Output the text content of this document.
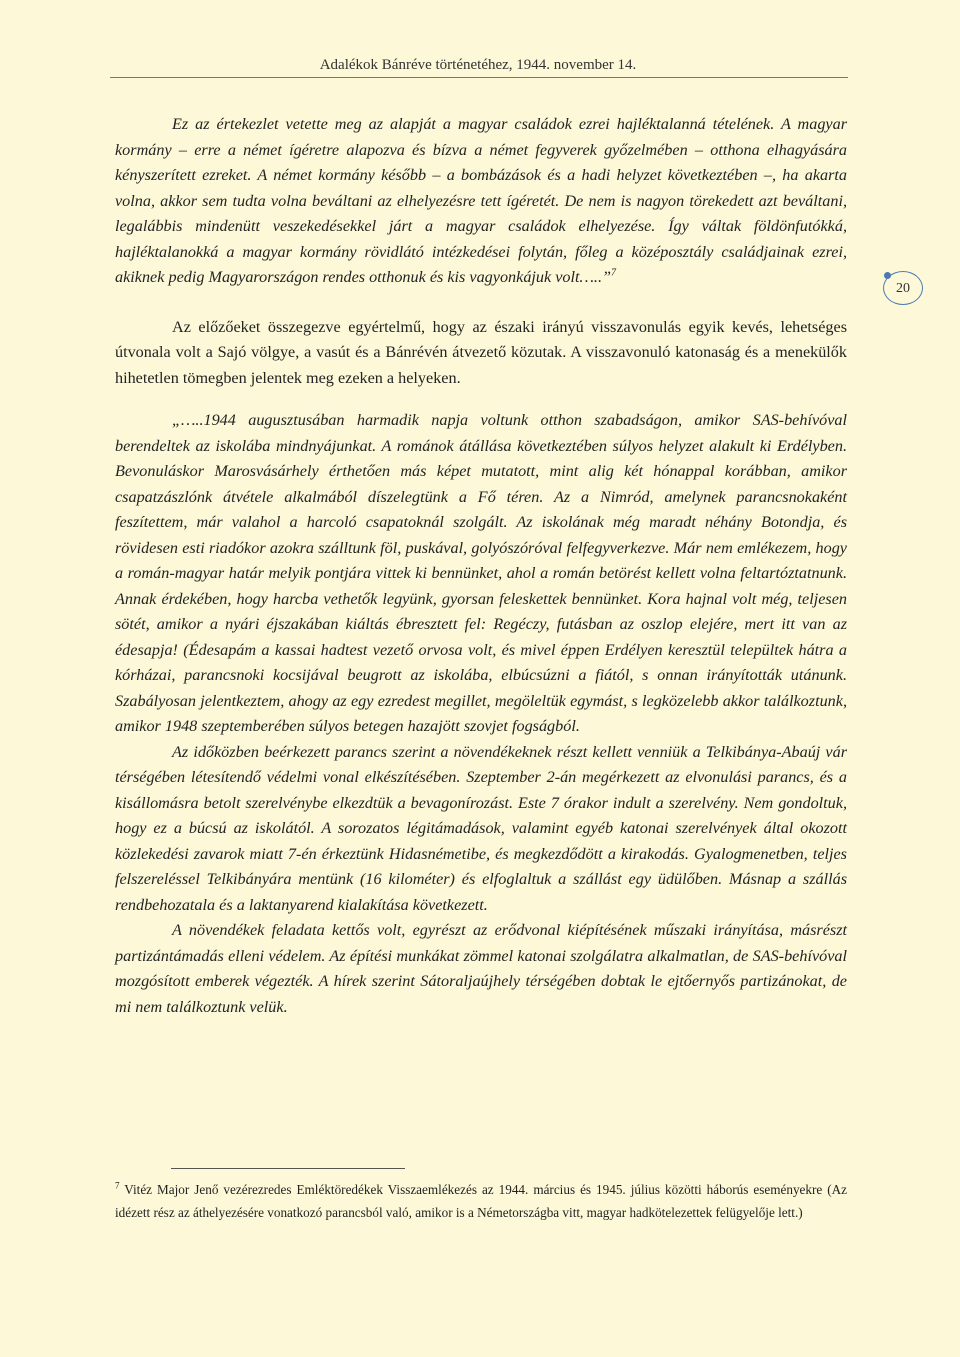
Adalékok Bánréve történetéhez, 1944. november 14.
20

Ez az értekezlet vetette meg az alapját a magyar családok ezrei hajléktalanná tételének. A magyar kormány – erre a német ígéretre alapozva és bízva a német fegyverek győzelmében – otthona elhagyására kényszerített ezreket. A német kormány később – a bombázások és a hadi helyzet következtében –, ha akarta volna, akkor sem tudta volna beváltani az elhelyezésre tett ígéretét. De nem is nagyon törekedett azt beváltani, legalábbis mindenütt veszekedésekkel járt a magyar családok elhelyezése. Így váltak földönfutókká, hajléktalanokká a magyar kormány rövidlátó intézkedései folytán, főleg a középosztály családjainak ezrei, akiknek pedig Magyarországon rendes otthonuk és kis vagyonkájuk volt…..”$^7$

Az előzőeket összegezve egyértelmű, hogy az északi irányú visszavonulás egyik kevés, lehetséges útvonala volt a Sajó völgye, a vasút és a Bánrévén átvezető közutak. A visszavonuló katonaság és a menekülők hihetetlen tömegben jelentek meg ezeken a helyeken.

„…..1944 augusztusában harmadik napja voltunk otthon szabadságon, amikor SAS-behívóval berendeltek az iskolába mindnyájunkat. A románok átállása következtében súlyos helyzet alakult ki Erdélyben. Bevonuláskor Marosvásárhely érthetően más képet mutatott, mint alig két hónappal korábban, amikor csapatzászlónk átvétele alkalmából díszelegtünk a Fő téren. Az a Nimród, amelynek parancsnokaként feszítettem, már valahol a harcoló csapatoknál szolgált. Az iskolának még maradt néhány Botondja, és rövidesen esti riadókor azokra szálltunk föl, puskával, golyószóróval felfegyverkezve. Már nem emlékezem, hogy a román-magyar határ melyik pontjára vittek ki bennünket, ahol a román betörést kellett volna feltartóztatnunk. Annak érdekében, hogy harcba vethetők legyünk, gyorsan feleskettek bennünket. Kora hajnal volt még, teljesen sötét, amikor a nyári éjszakában kiáltás ébresztett fel: Regéczy, futásban az oszlop elejére, mert itt van az édesapja! (Édesapám a kassai hadtest vezető orvosa volt, és mivel éppen Erdélyen keresztül települtek hátra a kórházai, parancsnoki kocsijával beugrott az iskolába, elbúcsúzni a fiától, s onnan irányították utánunk. Szabályosan jelentkeztem, ahogy az egy ezredest megillet, megöleltük egymást, s legközelebb akkor találkoztunk, amikor 1948 szeptemberében súlyos betegen hazajött szovjet fogságból.

Az időközben beérkezett parancs szerint a növendékeknek részt kellett venniük a Telkibánya-Abaúj vár térségében létesítendő védelmi vonal elkészítésében. Szeptember 2-án megérkezett az elvonulási parancs, és a kisállomásra betolt szerelvénybe elkezdtük a bevagonírozást. Este 7 órakor indult a szerelvény. Nem gondoltuk, hogy ez a búcsú az iskolától. A sorozatos légitámadások, valamint egyéb katonai szerelvények által okozott közlekedési zavarok miatt 7-én érkeztünk Hidasnémetibe, és megkezdődött a kirakodás. Gyalogmenetben, teljes felszereléssel Telkibányára mentünk (16 kilométer) és elfoglaltuk a szállást egy üdülőben. Másnap a szállás rendbehozatala és a laktanyarend kialakítása következett.

A növendékek feladata kettős volt, egyrészt az erődvonal kiépítésének műszaki irányítása, másrészt partizántámadás elleni védelem. Az építési munkákat zömmel katonai szolgálatra alkalmatlan, de SAS-behívóval mozgósított emberek végezték. A hírek szerint Sátoraljaújhely térségében dobtak le ejtőernyős partizánokat, de mi nem találkoztunk velük.

$^7$ Vitéz Major Jenő vezérezredes Emléktöredékek Visszaemlékezés az 1944. március és 1945. július közötti háborús eseményekre (Az idézett rész az áthelyezésére vonatkozó parancsból való, amikor is a Németországba vitt, magyar hadkötelezettek felügyelője lett.)
